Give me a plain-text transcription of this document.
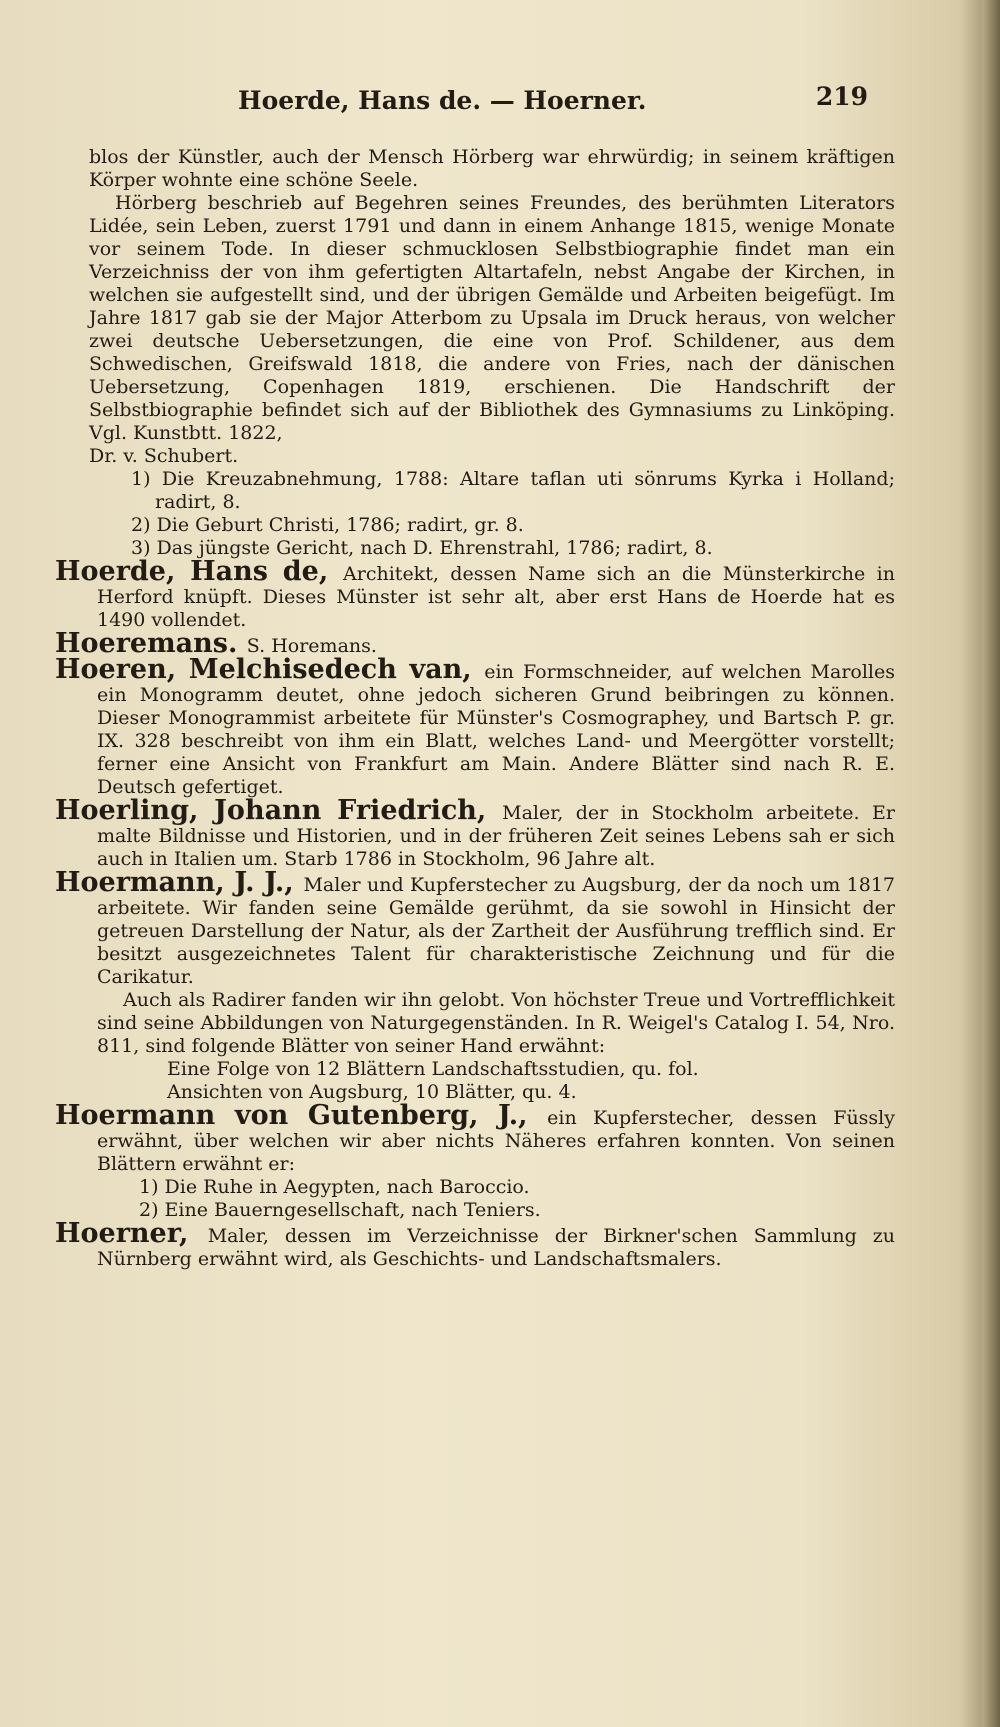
Hoerde, Hans de. — Hoerner.	219

blos der Künstler, auch der Mensch Hörberg war ehrwürdig; in seinem kräftigen Körper wohnte eine schöne Seele.

Hörberg beschrieb auf Begehren seines Freundes, des berühmten Literators Lidée, sein Leben, zuerst 1791 und dann in einem Anhange 1815, wenige Monate vor seinem Tode. In dieser schmucklosen Selbstbiographie findet man ein Verzeichniss der von ihm gefertigten Altartafeln, nebst Angabe der Kirchen, in welchen sie aufgestellt sind, und der übrigen Gemälde und Arbeiten beigefügt. Im Jahre 1817 gab sie der Major Atterbom zu Upsala im Druck heraus, von welcher zwei deutsche Uebersetzungen, die eine von Prof. Schildener, aus dem Schwedischen, Greifswald 1818, die andere von Fries, nach der dänischen Uebersetzung, Copenhagen 1819, erschienen. Die Handschrift der Selbstbiographie befindet sich auf der Bibliothek des Gymnasiums zu Linköping. Vgl. Kunstbtt. 1822,

Dr. v. Schubert.

1) Die Kreuzabnehmung, 1788: Altare taflan uti sönrums Kyrka i Holland; radirt, 8.

2) Die Geburt Christi, 1786; radirt, gr. 8.

3) Das jüngste Gericht, nach D. Ehrenstrahl, 1786; radirt, 8.

Hoerde, Hans de, Architekt, dessen Name sich an die Münsterkirche in Herford knüpft. Dieses Münster ist sehr alt, aber erst Hans de Hoerde hat es 1490 vollendet.

Hoeremans. S. Horemans.

Hoeren, Melchisedech van, ein Formschneider, auf welchen Marolles ein Monogramm deutet, ohne jedoch sicheren Grund beibringen zu können. Dieser Monogrammist arbeitete für Münster's Cosmographey, und Bartsch P. gr. IX. 328 beschreibt von ihm ein Blatt, welches Land- und Meergötter vorstellt; ferner eine Ansicht von Frankfurt am Main. Andere Blätter sind nach R. E. Deutsch gefertiget.

Hoerling, Johann Friedrich, Maler, der in Stockholm arbeitete. Er malte Bildnisse und Historien, und in der früheren Zeit seines Lebens sah er sich auch in Italien um. Starb 1786 in Stockholm, 96 Jahre alt.

Hoermann, J. J., Maler und Kupferstecher zu Augsburg, der da noch um 1817 arbeitete. Wir fanden seine Gemälde gerühmt, da sie sowohl in Hinsicht der getreuen Darstellung der Natur, als der Zartheit der Ausführung trefflich sind. Er besitzt ausgezeichnetes Talent für charakteristische Zeichnung und für die Carikatur.

Auch als Radirer fanden wir ihn gelobt. Von höchster Treue und Vortrefflichkeit sind seine Abbildungen von Naturgegenständen. In R. Weigel's Catalog I. 54, Nro. 811, sind folgende Blätter von seiner Hand erwähnt:

Eine Folge von 12 Blättern Landschaftsstudien, qu. fol.

Ansichten von Augsburg, 10 Blätter, qu. 4.

Hoermann von Gutenberg, J., ein Kupferstecher, dessen Füssly erwähnt, über welchen wir aber nichts Näheres erfahren konnten. Von seinen Blättern erwähnt er:

1) Die Ruhe in Aegypten, nach Baroccio.

2) Eine Bauerngesellschaft, nach Teniers.

Hoerner, Maler, dessen im Verzeichnisse der Birkner'schen Sammlung zu Nürnberg erwähnt wird, als Geschichts- und Landschaftsmalers.
